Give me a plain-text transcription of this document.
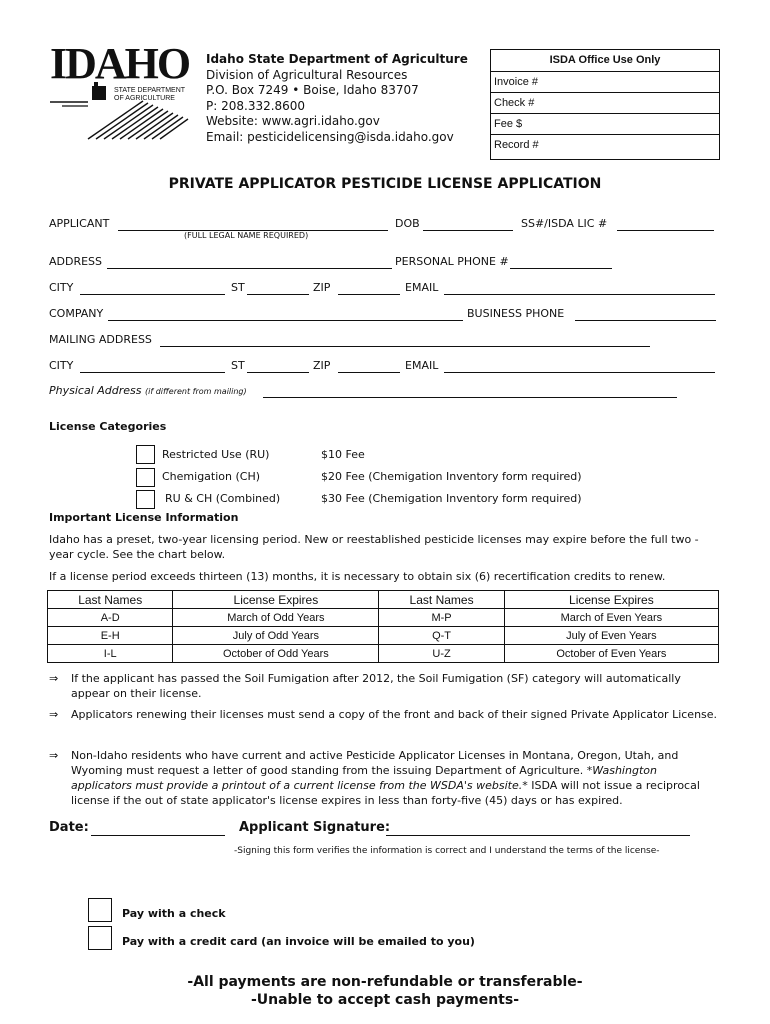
IDAHO
STATE DEPARTMENT
OF AGRICULTURE
Idaho State Department of Agriculture
Division of Agricultural Resources
P.O. Box 7249 • Boise, Idaho 83707
P: 208.332.8600
Website: www.agri.idaho.gov
Email: pesticidelicensing@isda.idaho.gov
ISDA Office Use Only
Invoice #
Check #
Fee $
Record #
PRIVATE APPLICATOR PESTICIDE LICENSE APPLICATION
APPLICANT
(FULL LEGAL NAME REQUIRED)
DOB	SS#/ISDA LIC #
ADDRESS	PERSONAL PHONE #
CITY	ST	ZIP	EMAIL
COMPANY	BUSINESS PHONE
MAILING ADDRESS
CITY	ST	ZIP	EMAIL
Physical Address (if different from mailing)
License Categories
Restricted Use (RU)	$10 Fee
Chemigation (CH)	$20 Fee (Chemigation Inventory form required)
RU & CH (Combined)	$30 Fee (Chemigation Inventory form required)
Important License Information
Idaho has a preset, two-year licensing period. New or reestablished pesticide licenses may expire before the full two -year cycle. See the chart below.
If a license period exceeds thirteen (13) months, it is necessary to obtain six (6) recertification credits to renew.
Last Names	License Expires	Last Names	License Expires
A-D	March of Odd Years	M-P	March of Even Years
E-H	July of Odd Years	Q-T	July of Even Years
I-L	October of Odd Years	U-Z	October of Even Years
⇒ If the applicant has passed the Soil Fumigation after 2012, the Soil Fumigation (SF) category will automatically appear on their license.
⇒ Applicators renewing their licenses must send a copy of the front and back of their signed Private Applicator License.
⇒ Non-Idaho residents who have current and active Pesticide Applicator Licenses in Montana, Oregon, Utah, and Wyoming must request a letter of good standing from the issuing Department of Agriculture. *Washington applicators must provide a printout of a current license from the WSDA's website.* ISDA will not issue a reciprocal license if the out of state applicator's license expires in less than forty-five (45) days or has expired.
Date:	Applicant Signature:
-Signing this form verifies the information is correct and I understand the terms of the license-
Pay with a check
Pay with a credit card (an invoice will be emailed to you)
-All payments are non-refundable or transferable-
-Unable to accept cash payments-
